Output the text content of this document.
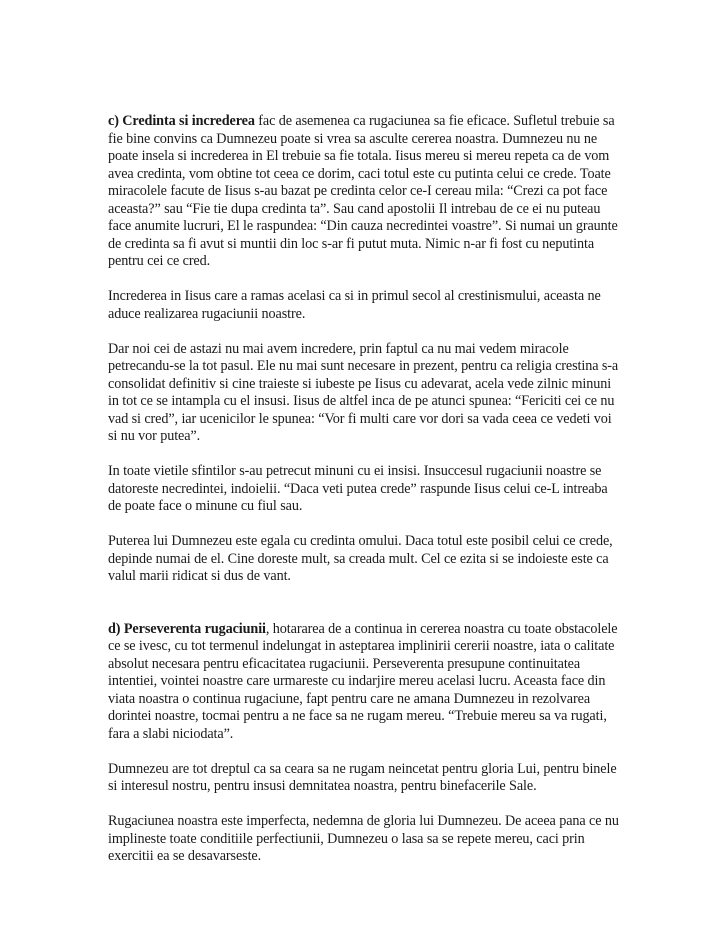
c) Credinta si increderea fac de asemenea ca rugaciunea sa fie eficace. Sufletul trebuie sa fie bine convins ca Dumnezeu poate si vrea sa asculte cererea noastra. Dumnezeu nu ne poate insela si increderea in El trebuie sa fie totala. Iisus mereu si mereu repeta ca de vom avea credinta, vom obtine tot ceea ce dorim, caci totul este cu putinta celui ce crede. Toate miracolele facute de Iisus s-au bazat pe credinta celor ce-I cereau mila: “Crezi ca pot face aceasta?” sau “Fie tie dupa credinta ta”. Sau cand apostolii Il intrebau de ce ei nu puteau face anumite lucruri, El le raspundea: “Din cauza necredintei voastre”. Si numai un graunte de credinta sa fi avut si muntii din loc s-ar fi putut muta. Nimic n-ar fi fost cu neputinta pentru cei ce cred.

Increderea in Iisus care a ramas acelasi ca si in primul secol al crestinismului, aceasta ne aduce realizarea rugaciunii noastre.

Dar noi cei de astazi nu mai avem incredere, prin faptul ca nu mai vedem miracole petrecandu-se la tot pasul. Ele nu mai sunt necesare in prezent, pentru ca religia crestina s-a consolidat definitiv si cine traieste si iubeste pe Iisus cu adevarat, acela vede zilnic minuni in tot ce se intampla cu el insusi. Iisus de altfel inca de pe atunci spunea: “Fericiti cei ce nu vad si cred”, iar ucenicilor le spunea: “Vor fi multi care vor dori sa vada ceea ce vedeti voi si nu vor putea”.

In toate vietile sfintilor s-au petrecut minuni cu ei insisi. Insuccesul rugaciunii noastre se datoreste necredintei, indoielii. “Daca veti putea crede” raspunde Iisus celui ce-L intreaba de poate face o minune cu fiul sau.

Puterea lui Dumnezeu este egala cu credinta omului. Daca totul este posibil celui ce crede, depinde numai de el. Cine doreste mult, sa creada mult. Cel ce ezita si se indoieste este ca valul marii ridicat si dus de vant.

d) Perseverenta rugaciunii, hotararea de a continua in cererea noastra cu toate obstacolele ce se ivesc, cu tot termenul indelungat in asteptarea implinirii cererii noastre, iata o calitate absolut necesara pentru eficacitatea rugaciunii. Perseverenta presupune continuitatea intentiei, vointei noastre care urmareste cu indarjire mereu acelasi lucru. Aceasta face din viata noastra o continua rugaciune, fapt pentru care ne amana Dumnezeu in rezolvarea dorintei noastre, tocmai pentru a ne face sa ne rugam mereu. “Trebuie mereu sa va rugati, fara a slabi niciodata”.

Dumnezeu are tot dreptul ca sa ceara sa ne rugam neincetat pentru gloria Lui, pentru binele si interesul nostru, pentru insusi demnitatea noastra, pentru binefacerile Sale.

Rugaciunea noastra este imperfecta, nedemna de gloria lui Dumnezeu. De aceea pana ce nu implineste toate conditiile perfectiunii, Dumnezeu o lasa sa se repete mereu, caci prin exercitii ea se desavarseste.
